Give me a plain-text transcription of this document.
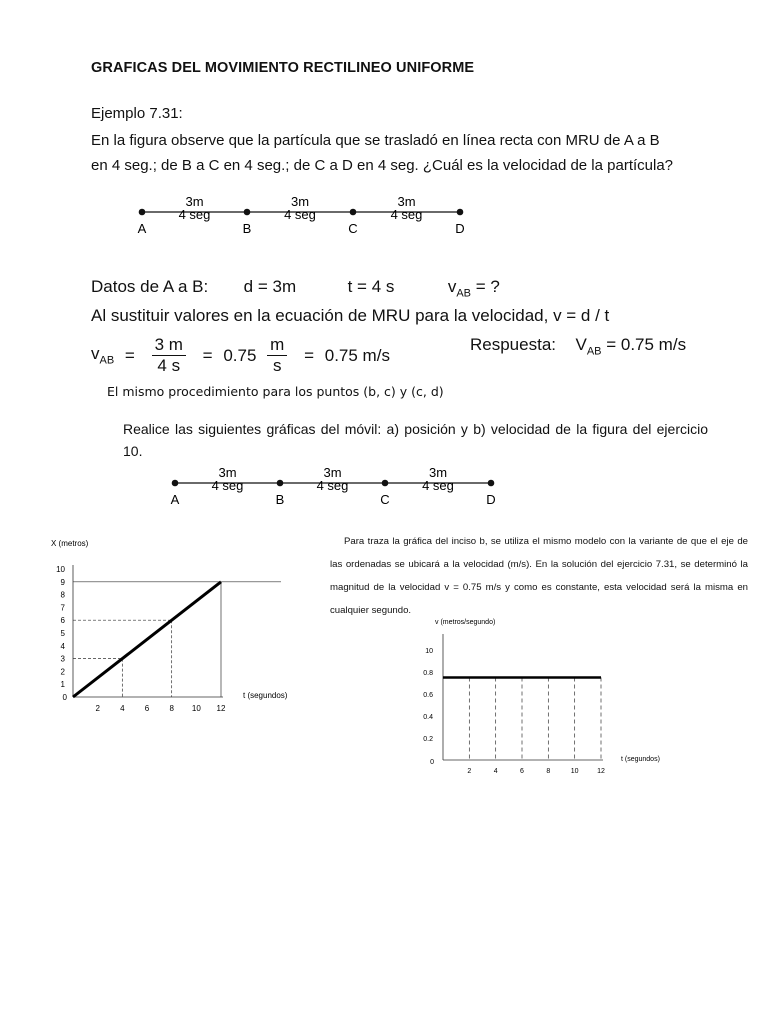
GRAFICAS DEL MOVIMIENTO RECTILINEO UNIFORME
Ejemplo 7.31:
En la figura observe que la partícula que se trasladó en línea recta con MRU de A a B
en 4 seg.; de B a C en 4 seg.; de C a D en 4 seg. ¿Cuál es la velocidad de la partícula?
A
3m
4 seg
B
3m
4 seg
C
3m
4 seg
D
Datos de A a B: d = 3m	t = 4 s	$v_{AB}$ = ?
Al sustituir valores en la ecuación de MRU para la velocidad, v = d / t
$v_{AB} = \frac{3 m}{4 s} = 0.75 \frac{m}{s} = 0.75$ m/s
Respuesta: $V_{AB} = 0.75$ m/s
El mismo procedimiento para los puntos (b, c) y (c, d)
Realice las siguientes gráficas del móvil: a) posición y b) velocidad de la figura del ejercicio 10.
A
3m
4 seg
B
3m
4 seg
C
3m
4 seg
D
X (metros)
0
1
2
3
4
5
6
7
8
9
10
2	4	6	8 10 12
t (segundos)
Para traza la gráfica del inciso b, se utiliza el mismo modelo con la variante de que el eje de las ordenadas se ubicará a la velocidad (m/s). En la solución del ejercicio 7.31, se determinó la magnitud de la velocidad v = 0.75 m/s y como es constante, esta velocidad será la misma en cualquier segundo.
v (metros/segundo)
0
0.2
0.4
0.6
0.8
10
2	4	6	8	10	12
t (segundos)
